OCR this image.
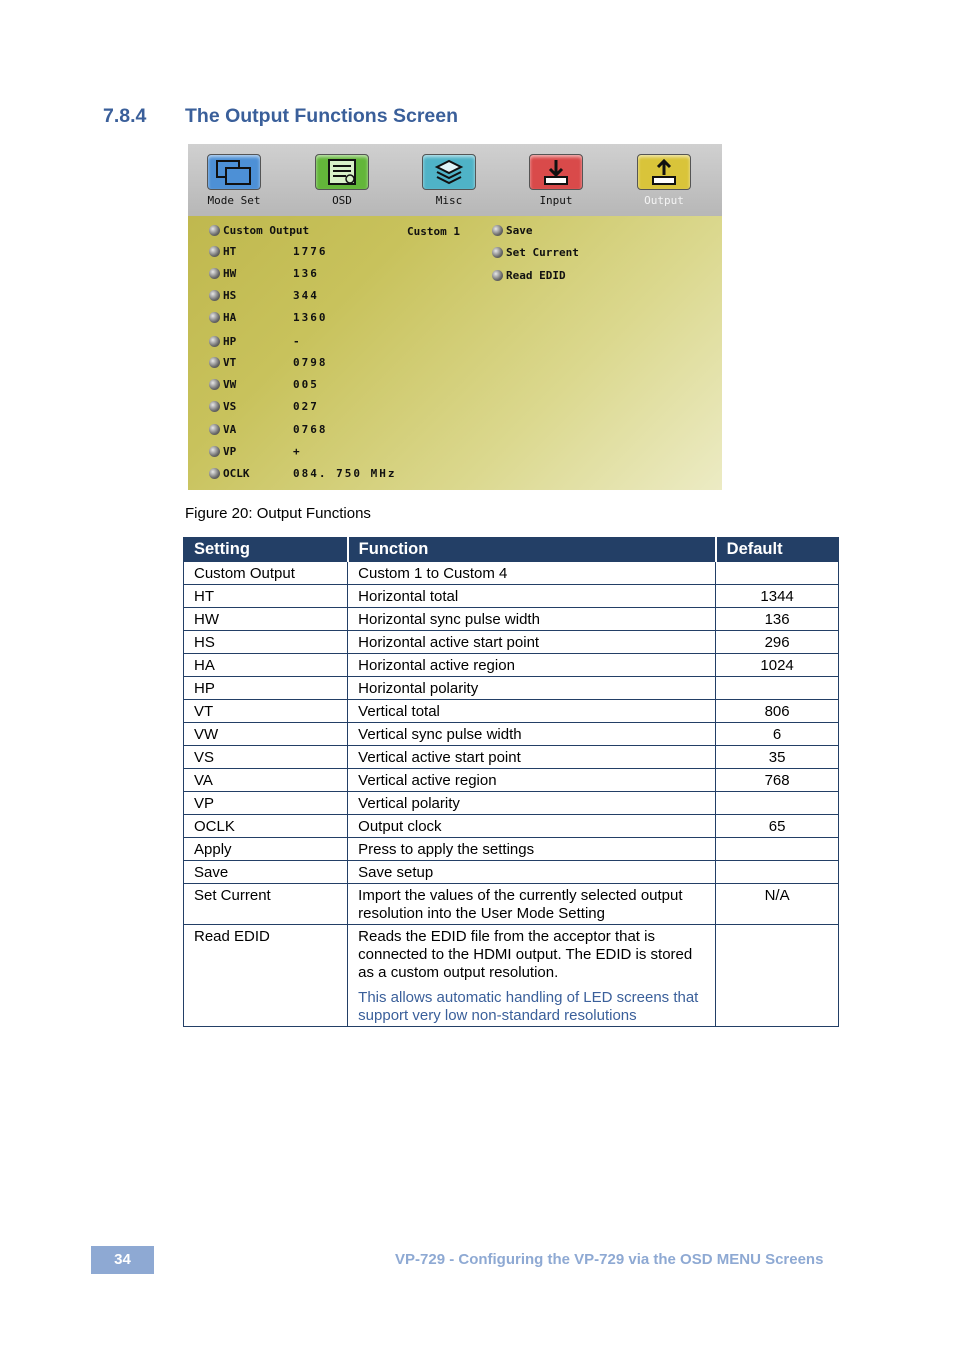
7.8.4	The Output Functions Screen
Mode Set	OSD	Misc	Input	Output
Custom Output	Custom 1
HT	1776
HW	136
HS	344
HA	1360
HP	-
VT	0798
VW	005
VS	027
VA	0768
VP	+
OCLK	084. 750 MHz
Save
Set Current
Read EDID
Figure 20: Output Functions
Setting	Function	Default
Custom Output	Custom 1 to Custom 4	
HT	Horizontal total	1344
HW	Horizontal sync pulse width	136
HS	Horizontal active start point	296
HA	Horizontal active region	1024
HP	Horizontal polarity	
VT	Vertical total	806
VW	Vertical sync pulse width	6
VS	Vertical active start point	35
VA	Vertical active region	768
VP	Vertical polarity	
OCLK	Output clock	65
Apply	Press to apply the settings	
Save	Save setup	
Set Current	Import the values of the currently selected output resolution into the User Mode Setting	N/A
Read EDID	Reads the EDID file from the acceptor that is connected to the HDMI output. The EDID is stored as a custom output resolution.
This allows automatic handling of LED screens that support very low non-standard resolutions	

34	VP-729 - Configuring the VP-729 via the OSD MENU Screens
